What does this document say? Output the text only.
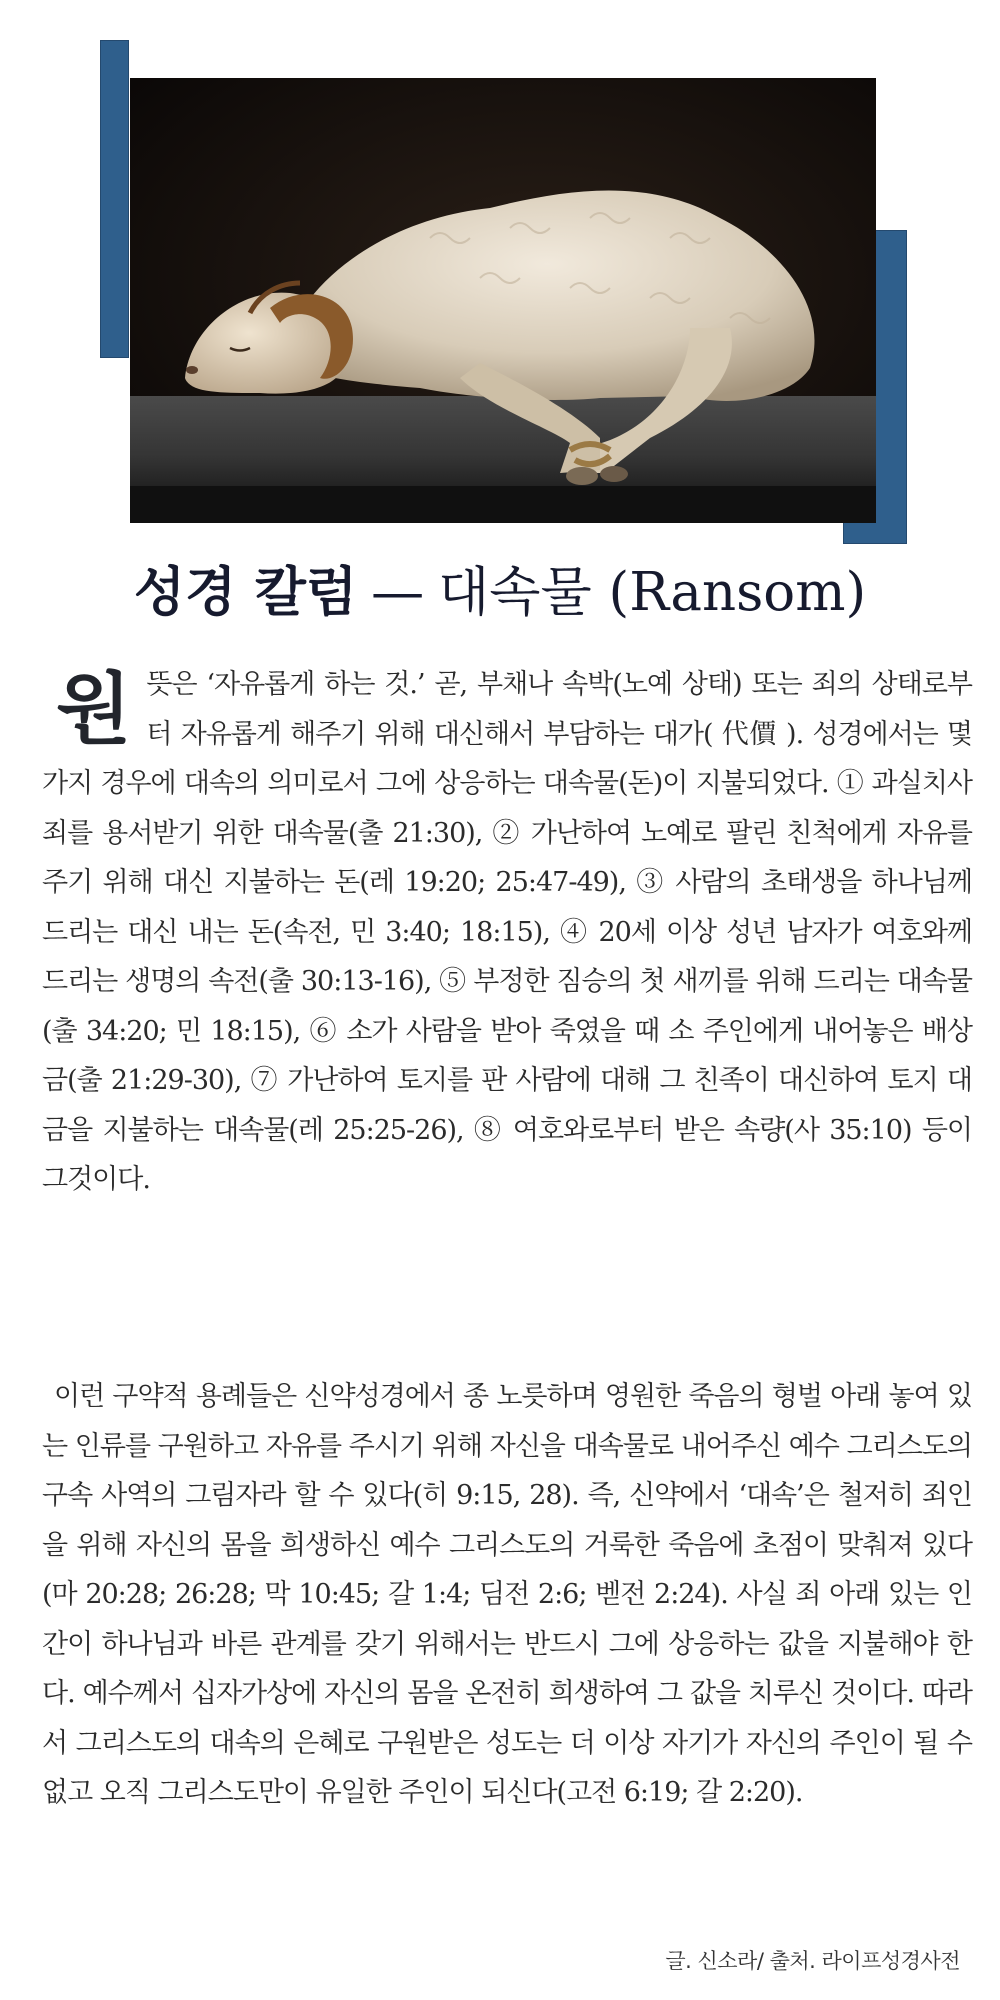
성경 칼럼 — 대속물 (Ransom)

원뜻은 ‘자유롭게 하는 것.’ 곧, 부채나 속박(노예 상태) 또는 죄의 상태로부터 자유롭게 해주기 위해 대신해서 부담하는 대가( 代價 ). 성경에서는 몇 가지 경우에 대속의 의미로서 그에 상응하는 대속물(돈)이 지불되었다. ① 과실치사 죄를 용서받기 위한 대속물(출 21:30), ② 가난하여 노예로 팔린 친척에게 자유를 주기 위해 대신 지불하는 돈(레 19:20; 25:47-49), ③ 사람의 초태생을 하나님께 드리는 대신 내는 돈(속전, 민 3:40; 18:15), ④ 20세 이상 성년 남자가 여호와께 드리는 생명의 속전(출 30:13-16), ⑤ 부정한 짐승의 첫 새끼를 위해 드리는 대속물(출 34:20; 민 18:15), ⑥ 소가 사람을 받아 죽였을 때 소 주인에게 내어놓은 배상금(출 21:29-30), ⑦ 가난하여 토지를 판 사람에 대해 그 친족이 대신하여 토지 대금을 지불하는 대속물(레 25:25-26), ⑧ 여호와로부터 받은 속량(사 35:10) 등이 그것이다.

이런 구약적 용례들은 신약성경에서 종 노릇하며 영원한 죽음의 형벌 아래 놓여 있는 인류를 구원하고 자유를 주시기 위해 자신을 대속물로 내어주신 예수 그리스도의 구속 사역의 그림자라 할 수 있다(히 9:15, 28). 즉, 신약에서 ‘대속’은 철저히 죄인을 위해 자신의 몸을 희생하신 예수 그리스도의 거룩한 죽음에 초점이 맞춰져 있다(마 20:28; 26:28; 막 10:45; 갈 1:4; 딤전 2:6; 벧전 2:24). 사실 죄 아래 있는 인간이 하나님과 바른 관계를 갖기 위해서는 반드시 그에 상응하는 값을 지불해야 한다. 예수께서 십자가상에 자신의 몸을 온전히 희생하여 그 값을 치루신 것이다. 따라서 그리스도의 대속의 은혜로 구원받은 성도는 더 이상 자기가 자신의 주인이 될 수 없고 오직 그리스도만이 유일한 주인이 되신다(고전 6:19; 갈 2:20).

글. 신소라/ 출처. 라이프성경사전
